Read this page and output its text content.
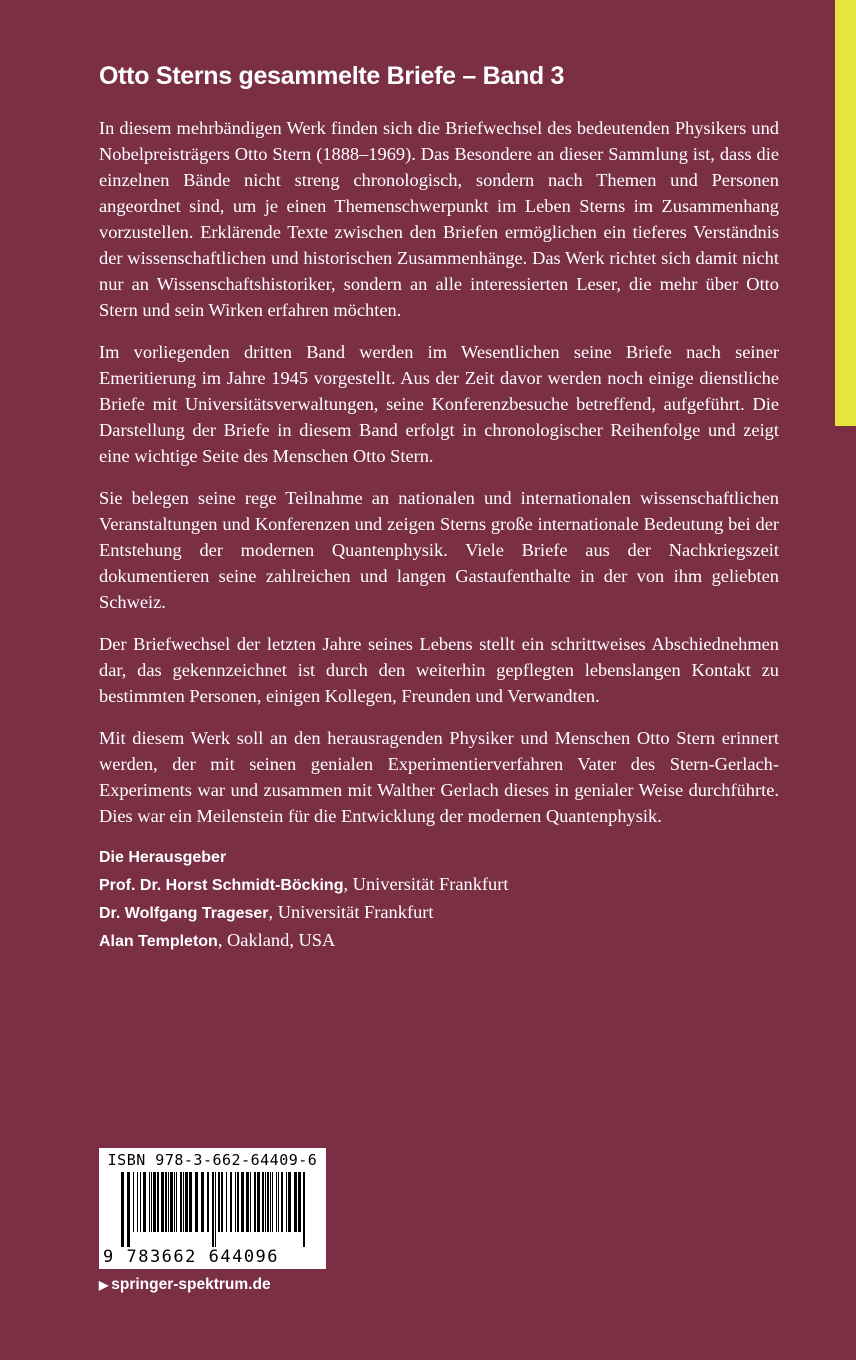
Otto Sterns gesammelte Briefe – Band 3

In diesem mehrbändigen Werk finden sich die Briefwechsel des bedeutenden Physikers und Nobelpreisträgers Otto Stern (1888–1969). Das Besondere an dieser Sammlung ist, dass die einzelnen Bände nicht streng chronologisch, sondern nach Themen und Personen angeordnet sind, um je einen Themenschwerpunkt im Leben Sterns im Zusammenhang vorzustellen. Erklärende Texte zwischen den Briefen ermöglichen ein tieferes Verständnis der wissenschaftlichen und historischen Zusammenhänge. Das Werk richtet sich damit nicht nur an Wissenschaftshistoriker, sondern an alle interessierten Leser, die mehr über Otto Stern und sein Wirken erfahren möchten.

Im vorliegenden dritten Band werden im Wesentlichen seine Briefe nach seiner Emeritierung im Jahre 1945 vorgestellt. Aus der Zeit davor werden noch einige dienstliche Briefe mit Universitätsverwaltungen, seine Konferenzbesuche betreffend, aufgeführt. Die Darstellung der Briefe in diesem Band erfolgt in chronologischer Reihenfolge und zeigt eine wichtige Seite des Menschen Otto Stern.

Sie belegen seine rege Teilnahme an nationalen und internationalen wissenschaftlichen Veranstaltungen und Konferenzen und zeigen Sterns große internationale Bedeutung bei der Entstehung der modernen Quantenphysik. Viele Briefe aus der Nachkriegszeit dokumentieren seine zahlreichen und langen Gastaufenthalte in der von ihm geliebten Schweiz.

Der Briefwechsel der letzten Jahre seines Lebens stellt ein schrittweises Abschiednehmen dar, das gekennzeichnet ist durch den weiterhin gepflegten lebenslangen Kontakt zu bestimmten Personen, einigen Kollegen, Freunden und Verwandten.

Mit diesem Werk soll an den herausragenden Physiker und Menschen Otto Stern erinnert werden, der mit seinen genialen Experimentierverfahren Vater des Stern-Gerlach-Experiments war und zusammen mit Walther Gerlach dieses in genialer Weise durchführte. Dies war ein Meilenstein für die Entwicklung der modernen Quantenphysik.

Die Herausgeber
Prof. Dr. Horst Schmidt-Böcking, Universität Frankfurt
Dr. Wolfgang Trageser, Universität Frankfurt
Alan Templeton, Oakland, USA
ISBN 978-3-662-64409-6
9 783662 644096
▶ springer-spektrum.de
